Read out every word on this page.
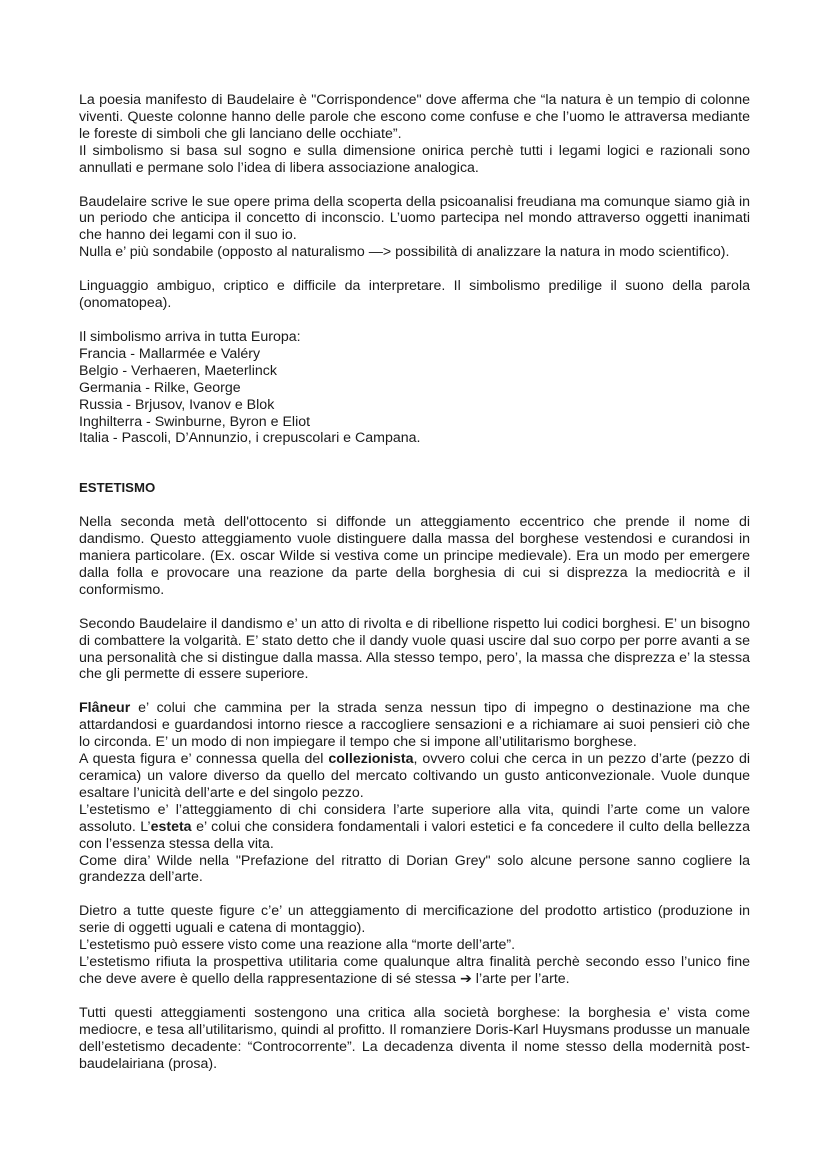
La poesia manifesto di Baudelaire è "Corrispondence" dove afferma che “la natura è un tempio di colonne viventi. Queste colonne hanno delle parole che escono come confuse e che l’uomo le attraversa mediante le foreste di simboli che gli lanciano delle occhiate”.

Il simbolismo si basa sul sogno e sulla dimensione onirica perchè tutti i legami logici e razionali sono annullati e permane solo l’idea di libera associazione analogica.

Baudelaire scrive le sue opere prima della scoperta della psicoanalisi freudiana ma comunque siamo già in un periodo che anticipa il concetto di inconscio. L’uomo partecipa nel mondo attraverso oggetti inanimati che hanno dei legami con il suo io.

Nulla e’ più sondabile (opposto al naturalismo —> possibilità di analizzare la natura in modo scientifico).

Linguaggio ambiguo, criptico e difficile da interpretare. Il simbolismo predilige il suono della parola (onomatopea).

Il simbolismo arriva in tutta Europa:

Francia - Mallarmée e Valéry

Belgio - Verhaeren, Maeterlinck

Germania - Rilke, George

Russia - Brjusov, Ivanov e Blok

Inghilterra - Swinburne, Byron e Eliot

Italia - Pascoli, D’Annunzio, i crepuscolari e Campana.

ESTETISMO

Nella seconda metà dell'ottocento si diffonde un atteggiamento eccentrico che prende il nome di dandismo. Questo atteggiamento vuole distinguere dalla massa del borghese vestendosi e curandosi in maniera particolare. (Ex. oscar Wilde si vestiva come un principe medievale). Era un modo per emergere dalla folla e provocare una reazione da parte della borghesia di cui si disprezza la mediocrità e il conformismo.

Secondo Baudelaire il dandismo e’ un atto di rivolta e di ribellione rispetto lui codici borghesi. E’ un bisogno di combattere la volgarità. E’ stato detto che il dandy vuole quasi uscire dal suo corpo per porre avanti a se una personalità che si distingue dalla massa. Alla stesso tempo, pero’, la massa che disprezza e’ la stessa che gli permette di essere superiore.

Flâneur e’ colui che cammina per la strada senza nessun tipo di impegno o destinazione ma che attardandosi e guardandosi intorno riesce a raccogliere sensazioni e a richiamare ai suoi pensieri ciò che lo circonda. E’ un modo di non impiegare il tempo che si impone all’utilitarismo borghese.

A questa figura e’ connessa quella del collezionista, ovvero colui che cerca in un pezzo d’arte (pezzo di ceramica) un valore diverso da quello del mercato coltivando un gusto anticonvezionale. Vuole dunque esaltare l’unicità dell’arte e del singolo pezzo.

L’estetismo e’ l’atteggiamento di chi considera l’arte superiore alla vita, quindi l’arte come un valore assoluto. L’esteta e’ colui che considera fondamentali i valori estetici e fa concedere il culto della bellezza con l’essenza stessa della vita.

Come dira’ Wilde nella "Prefazione del ritratto di Dorian Grey" solo alcune persone sanno cogliere la grandezza dell’arte.

Dietro a tutte queste figure c’e’ un atteggiamento di mercificazione del prodotto artistico (produzione in serie di oggetti uguali e catena di montaggio).

L’estetismo può essere visto come una reazione alla “morte dell’arte”.

L’estetismo rifiuta la prospettiva utilitaria come qualunque altra finalità perchè secondo esso l’unico fine che deve avere è quello della rappresentazione di sé stessa ➔ l’arte per l’arte.

Tutti questi atteggiamenti sostengono una critica alla società borghese: la borghesia e’ vista come mediocre, e tesa all’utilitarismo, quindi al profitto. Il romanziere Doris-Karl Huysmans produsse un manuale dell’estetismo decadente: “Controcorrente”. La decadenza diventa il nome stesso della modernità post-baudelairiana (prosa).
